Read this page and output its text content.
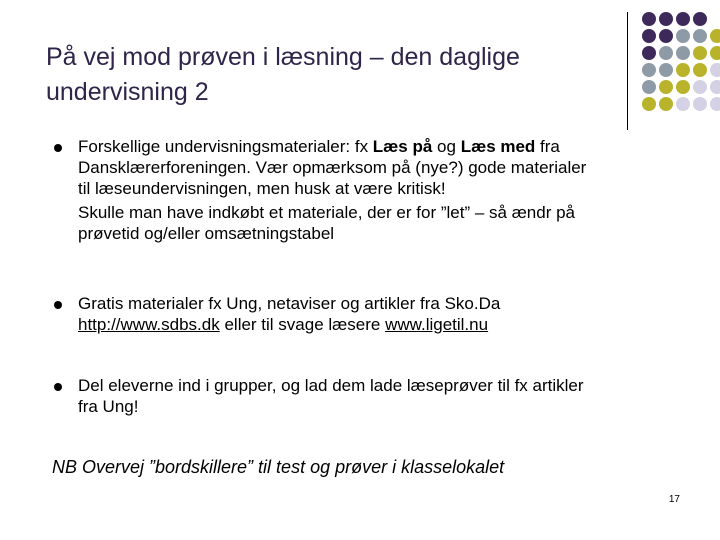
På vej mod prøven i læsning – den daglige
undervisning 2
Forskellige undervisningsmaterialer: fx Læs på og Læs med fra
Dansklærerforeningen. Vær opmærksom på (nye?) gode materialer
til læseundervisningen, men husk at være kritisk!
Skulle man have indkøbt et materiale, der er for ”let” – så ændr på
prøvetid og/eller omsætningstabel
Gratis materialer fx Ung, netaviser og artikler fra Sko.Da
http://www.sdbs.dk eller til svage læsere www.ligetil.nu
Del eleverne ind i grupper, og lad dem lade læseprøver til fx artikler
fra Ung!
NB Overvej ”bordskillere” til test og prøver i klasselokalet
17
